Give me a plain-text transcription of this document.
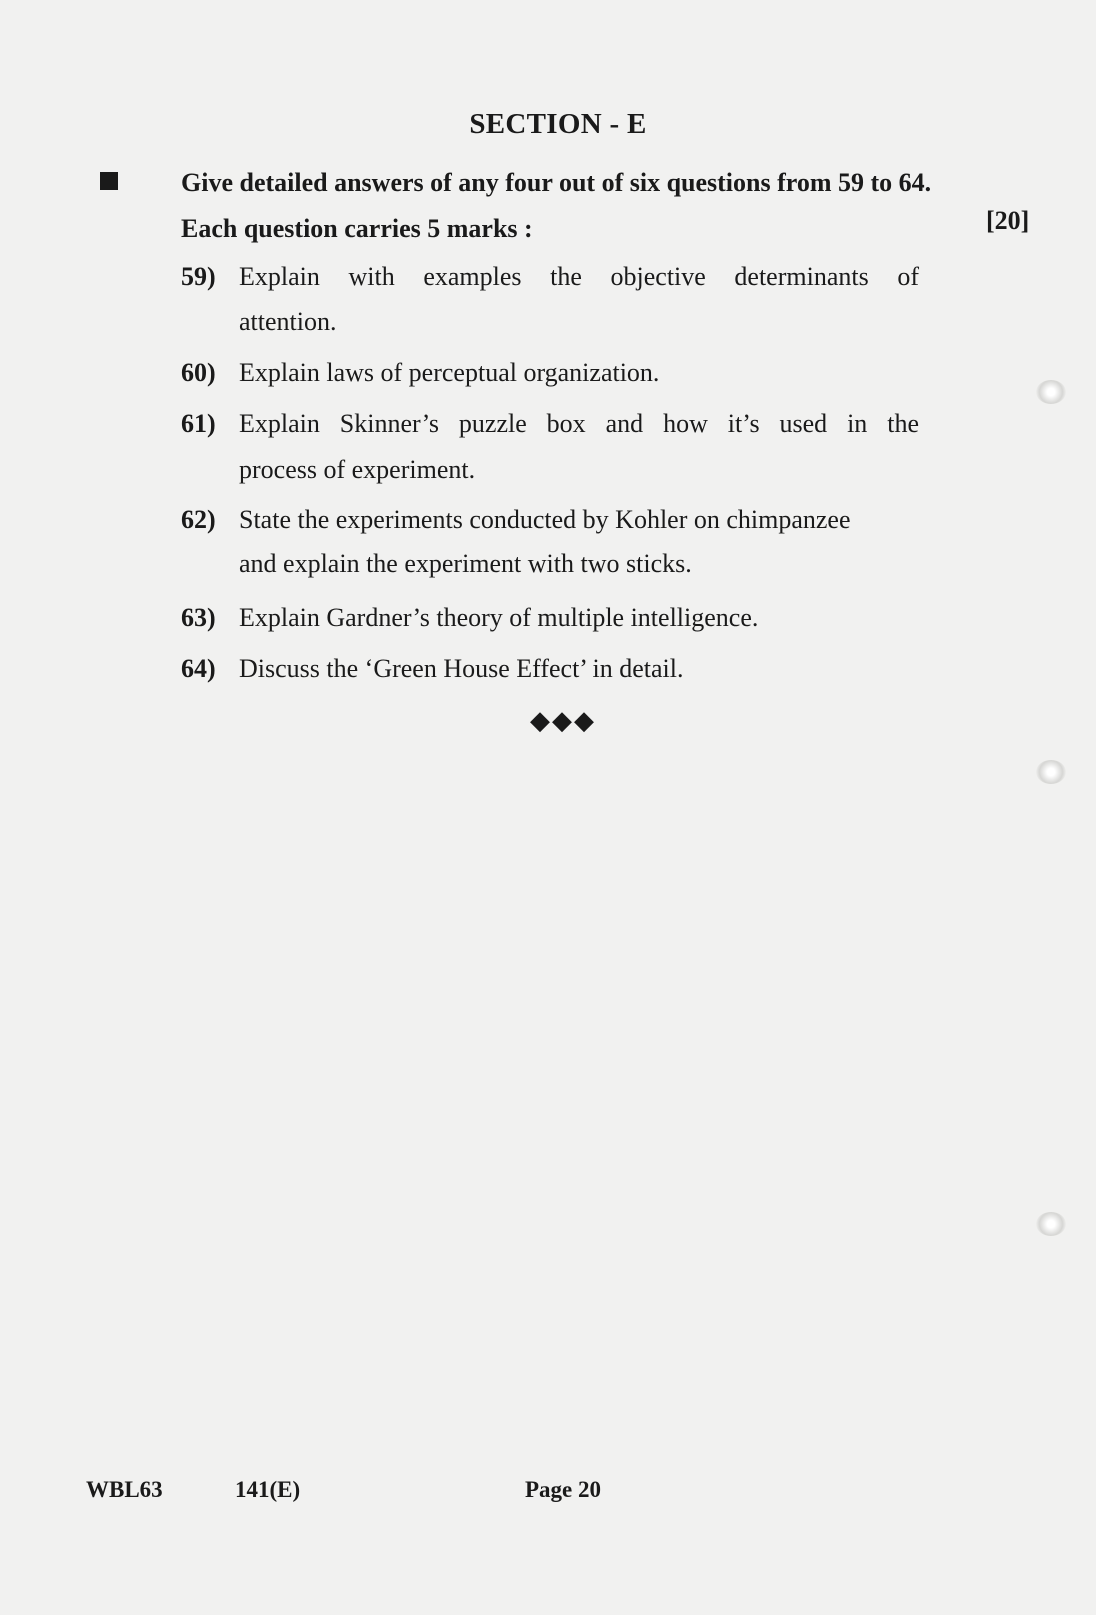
SECTION - E
Give detailed answers of any four out of six questions from 59 to 64. Each question carries 5 marks :	[20]
59) Explain with examples the objective determinants of
attention.
60) Explain laws of perceptual organization.
61) Explain Skinner’s puzzle box and how it’s used in the
process of experiment.
62) State the experiments conducted by Kohler on chimpanzee
and explain the experiment with two sticks.
63) Explain Gardner’s theory of multiple intelligence.
64) Discuss the ‘Green House Effect’ in detail.
◆◆◆
WBL63	141(E)	Page 20
